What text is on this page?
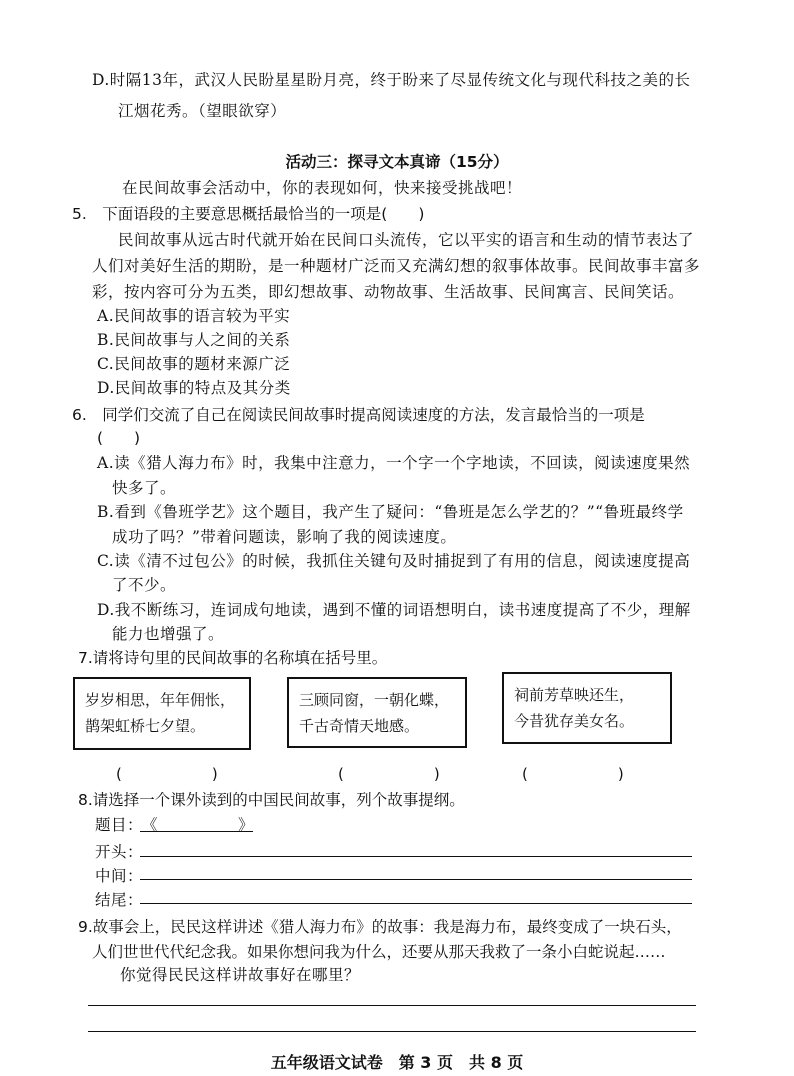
D.时隔13年，武汉人民盼星星盼月亮，终于盼来了尽显传统文化与现代科技之美的长
江烟花秀。（望眼欲穿）
活动三：探寻文本真谛（15分）
在民间故事会活动中，你的表现如何，快来接受挑战吧！
5.　下面语段的主要意思概括最恰当的一项是(　　)
民间故事从远古时代就开始在民间口头流传，它以平实的语言和生动的情节表达了
人们对美好生活的期盼，是一种题材广泛而又充满幻想的叙事体故事。民间故事丰富多
彩，按内容可分为五类，即幻想故事、动物故事、生活故事、民间寓言、民间笑话。
A.民间故事的语言较为平实
B.民间故事与人之间的关系
C.民间故事的题材来源广泛
D.民间故事的特点及其分类
6.　同学们交流了自己在阅读民间故事时提高阅读速度的方法，发言最恰当的一项是
(　　)
A.读《猎人海力布》时，我集中注意力，一个字一个字地读，不回读，阅读速度果然
快多了。
B.看到《鲁班学艺》这个题目，我产生了疑问：“鲁班是怎么学艺的？”“鲁班最终学
成功了吗？”带着问题读，影响了我的阅读速度。
C.读《清不过包公》的时候，我抓住关键句及时捕捉到了有用的信息，阅读速度提高
了不少。
D.我不断练习，连词成句地读，遇到不懂的词语想明白，读书速度提高了不少，理解
能力也增强了。
7.请将诗句里的民间故事的名称填在括号里。
岁岁相思，年年佣怅，
鹊架虹桥七夕望。
三顾同窗，一朝化蝶，
千古奇情天地感。
祠前芳草映还生，
今昔犹存美女名。
(　　　　　　)	(　　　　　　)	(　　　　　　)
8.请选择一个课外读到的中国民间故事，列个故事提纲。
题目：
《　　　　　》
开头：
中间：
结尾：
9.故事会上，民民这样讲述《猎人海力布》的故事：我是海力布，最终变成了一块石头，
人们世世代代纪念我。如果你想问我为什么，还要从那天我救了一条小白蛇说起……
你觉得民民这样讲故事好在哪里？
五年级语文试卷　第 3 页　共 8 页
